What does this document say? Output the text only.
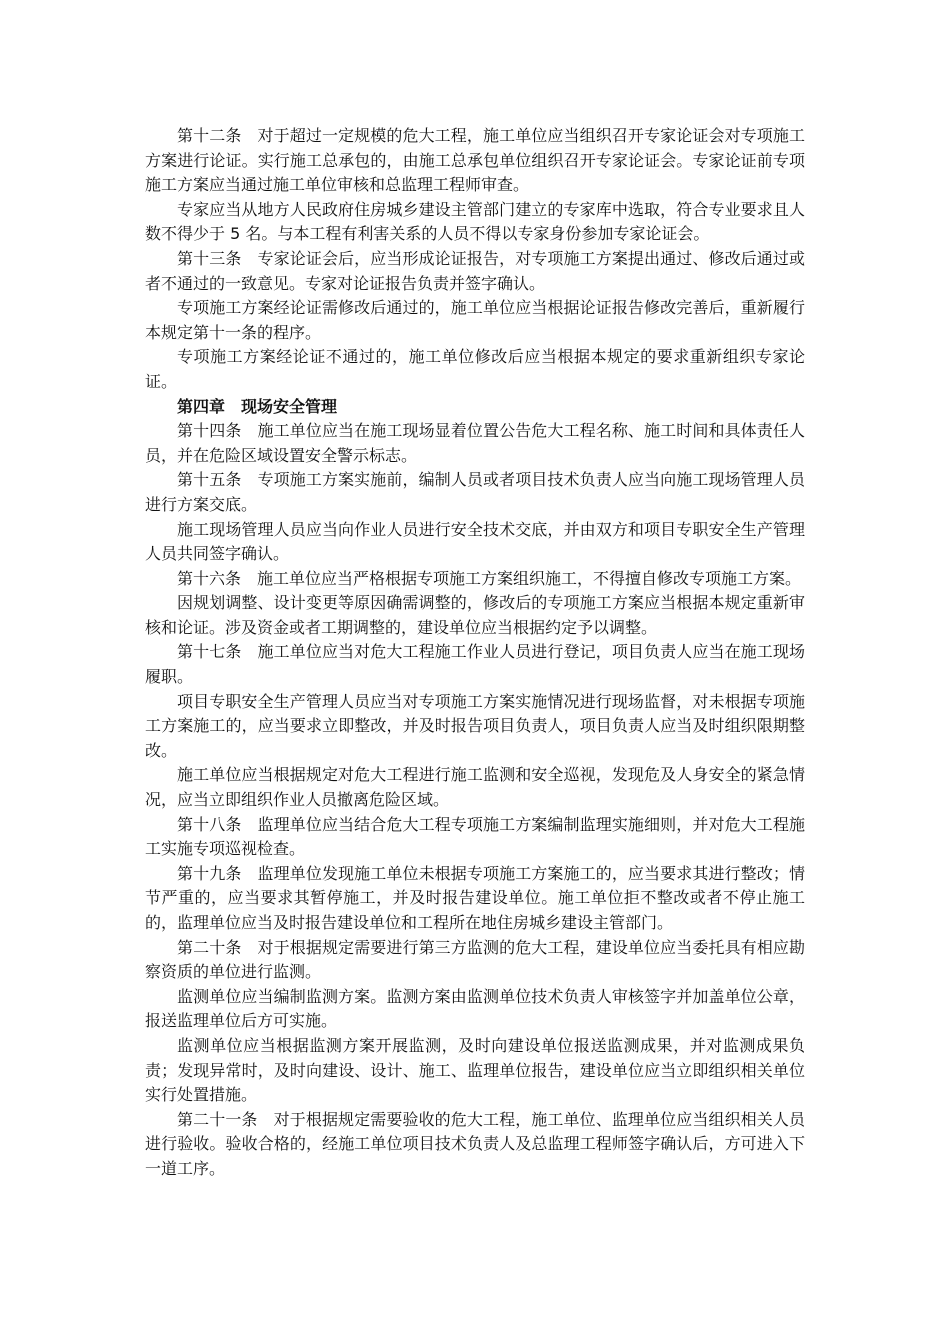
第十二条　对于超过一定规模的危大工程，施工单位应当组织召开专家论证会对专项施工方案进行论证。实行施工总承包的，由施工总承包单位组织召开专家论证会。专家论证前专项施工方案应当通过施工单位审核和总监理工程师审查。

专家应当从地方人民政府住房城乡建设主管部门建立的专家库中选取，符合专业要求且人数不得少于 5 名。与本工程有利害关系的人员不得以专家身份参加专家论证会。

第十三条　专家论证会后，应当形成论证报告，对专项施工方案提出通过、修改后通过或者不通过的一致意见。专家对论证报告负责并签字确认。

专项施工方案经论证需修改后通过的，施工单位应当根据论证报告修改完善后，重新履行本规定第十一条的程序。

专项施工方案经论证不通过的，施工单位修改后应当根据本规定的要求重新组织专家论证。

第四章　现场安全管理

第十四条　施工单位应当在施工现场显着位置公告危大工程名称、施工时间和具体责任人员，并在危险区域设置安全警示标志。

第十五条　专项施工方案实施前，编制人员或者项目技术负责人应当向施工现场管理人员进行方案交底。

施工现场管理人员应当向作业人员进行安全技术交底，并由双方和项目专职安全生产管理人员共同签字确认。

第十六条　施工单位应当严格根据专项施工方案组织施工，不得擅自修改专项施工方案。

因规划调整、设计变更等原因确需调整的，修改后的专项施工方案应当根据本规定重新审核和论证。涉及资金或者工期调整的，建设单位应当根据约定予以调整。

第十七条　施工单位应当对危大工程施工作业人员进行登记，项目负责人应当在施工现场履职。

项目专职安全生产管理人员应当对专项施工方案实施情况进行现场监督，对未根据专项施工方案施工的，应当要求立即整改，并及时报告项目负责人，项目负责人应当及时组织限期整改。

施工单位应当根据规定对危大工程进行施工监测和安全巡视，发现危及人身安全的紧急情况，应当立即组织作业人员撤离危险区域。

第十八条　监理单位应当结合危大工程专项施工方案编制监理实施细则，并对危大工程施工实施专项巡视检查。

第十九条　监理单位发现施工单位未根据专项施工方案施工的，应当要求其进行整改；情节严重的，应当要求其暂停施工，并及时报告建设单位。施工单位拒不整改或者不停止施工的，监理单位应当及时报告建设单位和工程所在地住房城乡建设主管部门。

第二十条　对于根据规定需要进行第三方监测的危大工程，建设单位应当委托具有相应勘察资质的单位进行监测。

监测单位应当编制监测方案。监测方案由监测单位技术负责人审核签字并加盖单位公章，报送监理单位后方可实施。

监测单位应当根据监测方案开展监测，及时向建设单位报送监测成果，并对监测成果负责；发现异常时，及时向建设、设计、施工、监理单位报告，建设单位应当立即组织相关单位实行处置措施。

第二十一条　对于根据规定需要验收的危大工程，施工单位、监理单位应当组织相关人员进行验收。验收合格的，经施工单位项目技术负责人及总监理工程师签字确认后，方可进入下一道工序。
